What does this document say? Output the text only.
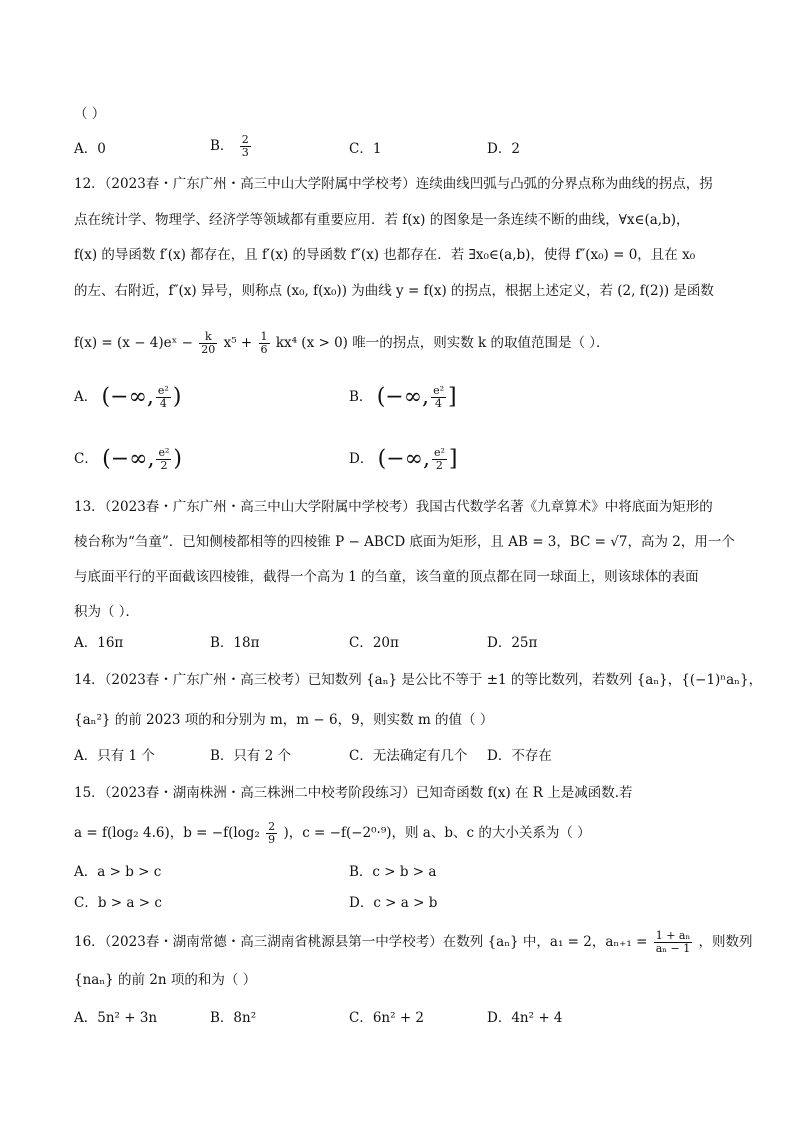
（ ）
A．0	B． $\frac{2}{3}$	C．1	D．2
12．（2023春・广东广州・高三中山大学附属中学校考）连续曲线凹弧与凸弧的分界点称为曲线的拐点，拐
点在统计学、物理学、经济学等领域都有重要应用．若 f(x) 的图象是一条连续不断的曲线，∀x∈(a,b)，
f(x) 的导函数 f′(x) 都存在，且 f′(x) 的导函数 f″(x) 也都存在．若 ∃x₀∈(a,b)，使得 f″(x₀) = 0，且在 x₀
的左、右附近，f″(x) 异号，则称点 (x₀, f(x₀)) 为曲线 y = f(x) 的拐点，根据上述定义，若 (2, f(2)) 是函数
f(x) = (x − 4)eˣ − $\frac{k}{20} x^5 + \frac{1}{6} kx^4$ (x > 0) 唯一的拐点，则实数 k 的取值范围是（ ）．
A． (−∞, $\frac{\text{e²}}{4}$ )	B． (−∞, $\frac{\text{e²}}{4}$ ]
C． (−∞, $\frac{\text{e²}}{2}$ )	D． (−∞, $\frac{\text{e²}}{2}$ ]
13．（2023春・广东广州・高三中山大学附属中学校考）我国古代数学名著《九章算术》中将底面为矩形的
棱台称为“刍童”．已知侧棱都相等的四棱锥 P − ABCD 底面为矩形，且 AB = 3，BC = √7，高为 2，用一个
与底面平行的平面截该四棱锥，截得一个高为 1 的刍童，该刍童的顶点都在同一球面上，则该球体的表面
积为（ ）．
A．16π	B．18π	C．20π	D．25π
14．（2023春・广东广州・高三校考）已知数列 {aₙ} 是公比不等于 ±1 的等比数列，若数列 {aₙ}，{(−1)ⁿaₙ}，
{aₙ²} 的前 2023 项的和分别为 m，m − 6，9，则实数 m 的值（ ）
A．只有 1 个	B．只有 2 个	C．无法确定有几个 D．不存在
15．（2023春・湖南株洲・高三株洲二中校考阶段练习）已知奇函数 f(x) 在 R 上是减函数.若
a = f(log₂ 4.6)，$b = -f(\log_2 \frac{2}{9}$ )，c = −f(−2⁰·⁹)，则 a、b、c 的大小关系为（ ）
A．a > b > c	B．c > b > a
C．b > a > c	D．c > a > b
16．（2023春・湖南常德・高三湖南省桃源县第一中学校考）在数列 {aₙ} 中，a₁ = 2，$a_{n+1} = \frac{\text{1 + aₙ}}{\text{aₙ − 1}}$ ，则数列
{naₙ} 的前 2n 项的和为（ ）
A．5n² + 3n	B．8n²	C．6n² + 2	D．4n² + 4
